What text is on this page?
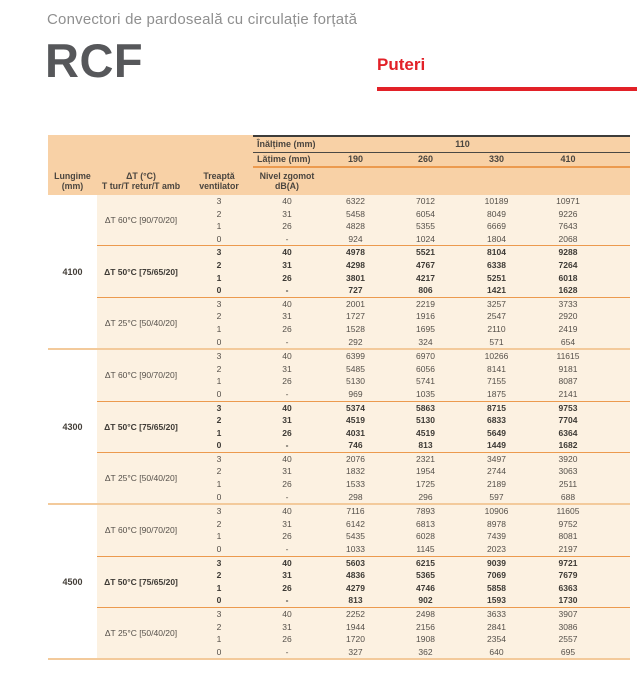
Convectori de pardoseală cu circulație forțată
RCF	Puteri
Înălțime (mm)	110
Lățime (mm)	190	260	330	410
Lungime
(mm)
ΔT (°C)
T tur/T retur/T amb
Treaptă
ventilator
Nivel zgomot
dB(A)
4100
ΔT 60°C [90/70/20]
3	40	6322	7012	10189	10971
2	31	5458	6054	8049	9226
1	26	4828	5355	6669	7643
0	-	924	1024	1804	2068
ΔT 50°C [75/65/20]
3	40	4978	5521	8104	9288
2	31	4298	4767	6338	7264
1	26	3801	4217	5251	6018
0	-	727	806	1421	1628
ΔT 25°C [50/40/20]
3	40	2001	2219	3257	3733
2	31	1727	1916	2547	2920
1	26	1528	1695	2110	2419
0	-	292	324	571	654
4300
ΔT 60°C [90/70/20]
3	40	6399	6970	10266	11615
2	31	5485	6056	8141	9181
1	26	5130	5741	7155	8087
0	-	969	1035	1875	2141
ΔT 50°C [75/65/20]
3	40	5374	5863	8715	9753
2	31	4519	5130	6833	7704
1	26	4031	4519	5649	6364
0	-	746	813	1449	1682
ΔT 25°C [50/40/20]
3	40	2076	2321	3497	3920
2	31	1832	1954	2744	3063
1	26	1533	1725	2189	2511
0	-	298	296	597	688
4500
ΔT 60°C [90/70/20]
3	40	7116	7893	10906	11605
2	31	6142	6813	8978	9752
1	26	5435	6028	7439	8081
0	-	1033	1145	2023	2197
ΔT 50°C [75/65/20]
3	40	5603	6215	9039	9721
2	31	4836	5365	7069	7679
1	26	4279	4746	5858	6363
0	-	813	902	1593	1730
ΔT 25°C [50/40/20]
3	40	2252	2498	3633	3907
2	31	1944	2156	2841	3086
1	26	1720	1908	2354	2557
0	-	327	362	640	695
